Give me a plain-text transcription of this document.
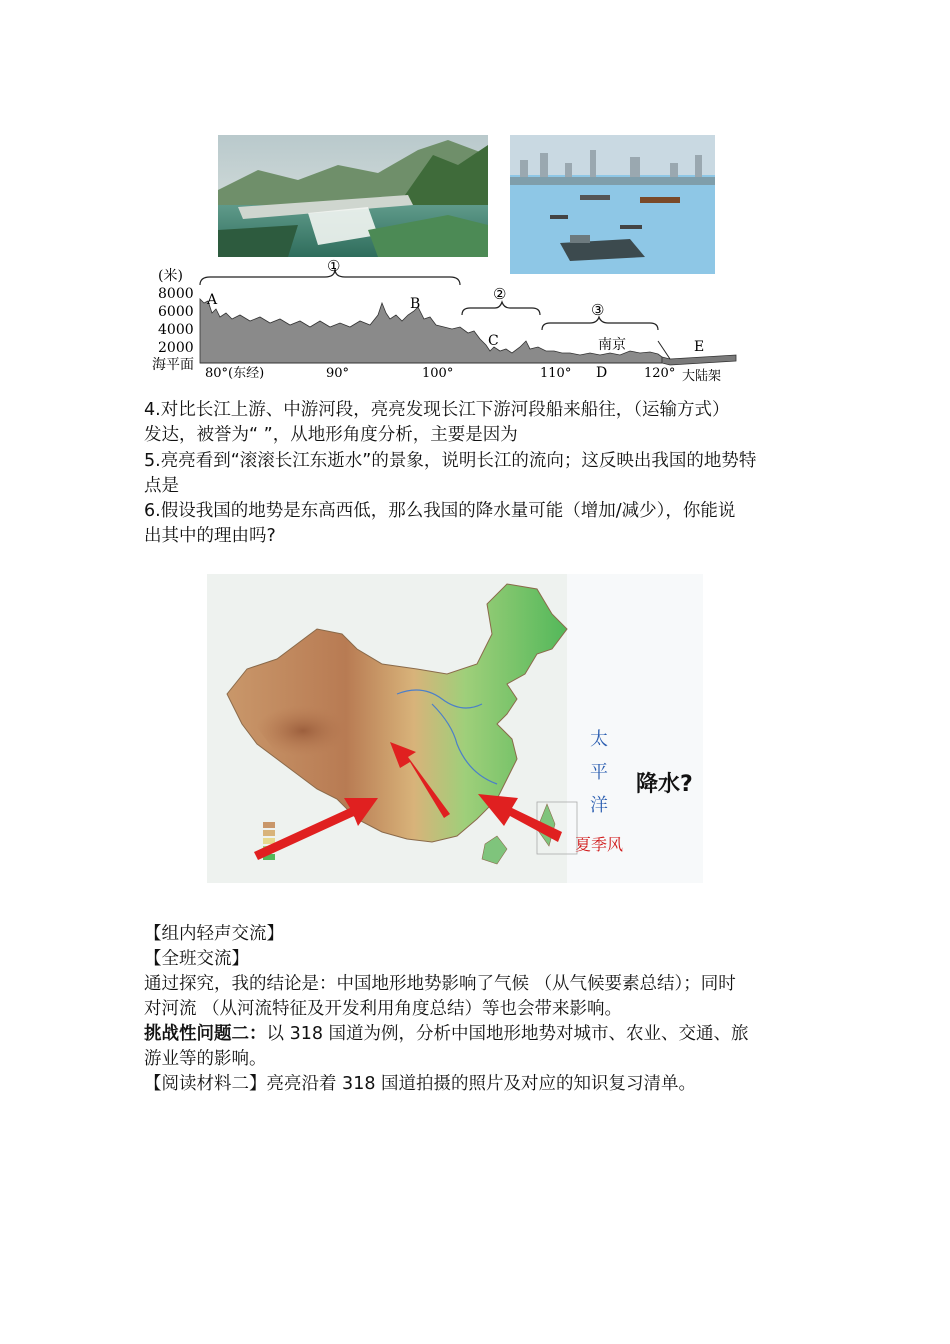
(米)
8000
6000
4000
2000
海平面
①
②
③
A	B
C	南京	E
D
80°(东经)	90°	100°	110°	120° 大陆架
4.对比长江上游、中游河段，亮亮发现长江下游河段船来船往，（运输方式）
发达，被誉为“ ”，从地形角度分析，主要是因为
5.亮亮看到“滚滚长江东逝水”的景象，说明长江的流向；这反映出我国的地势特
点是
6.假设我国的地势是东高西低，那么我国的降水量可能（增加/减少），你能说
出其中的理由吗?
太
平
洋
降水?
夏季风
【组内轻声交流】
【全班交流】
通过探究，我的结论是：中国地形地势影响了气候 （从气候要素总结）；同时
对河流 （从河流特征及开发利用角度总结）等也会带来影响。
挑战性问题二：以 318 国道为例，分析中国地形地势对城市、农业、交通、旅
游业等的影响。
【阅读材料二】亮亮沿着 318 国道拍摄的照片及对应的知识复习清单。
